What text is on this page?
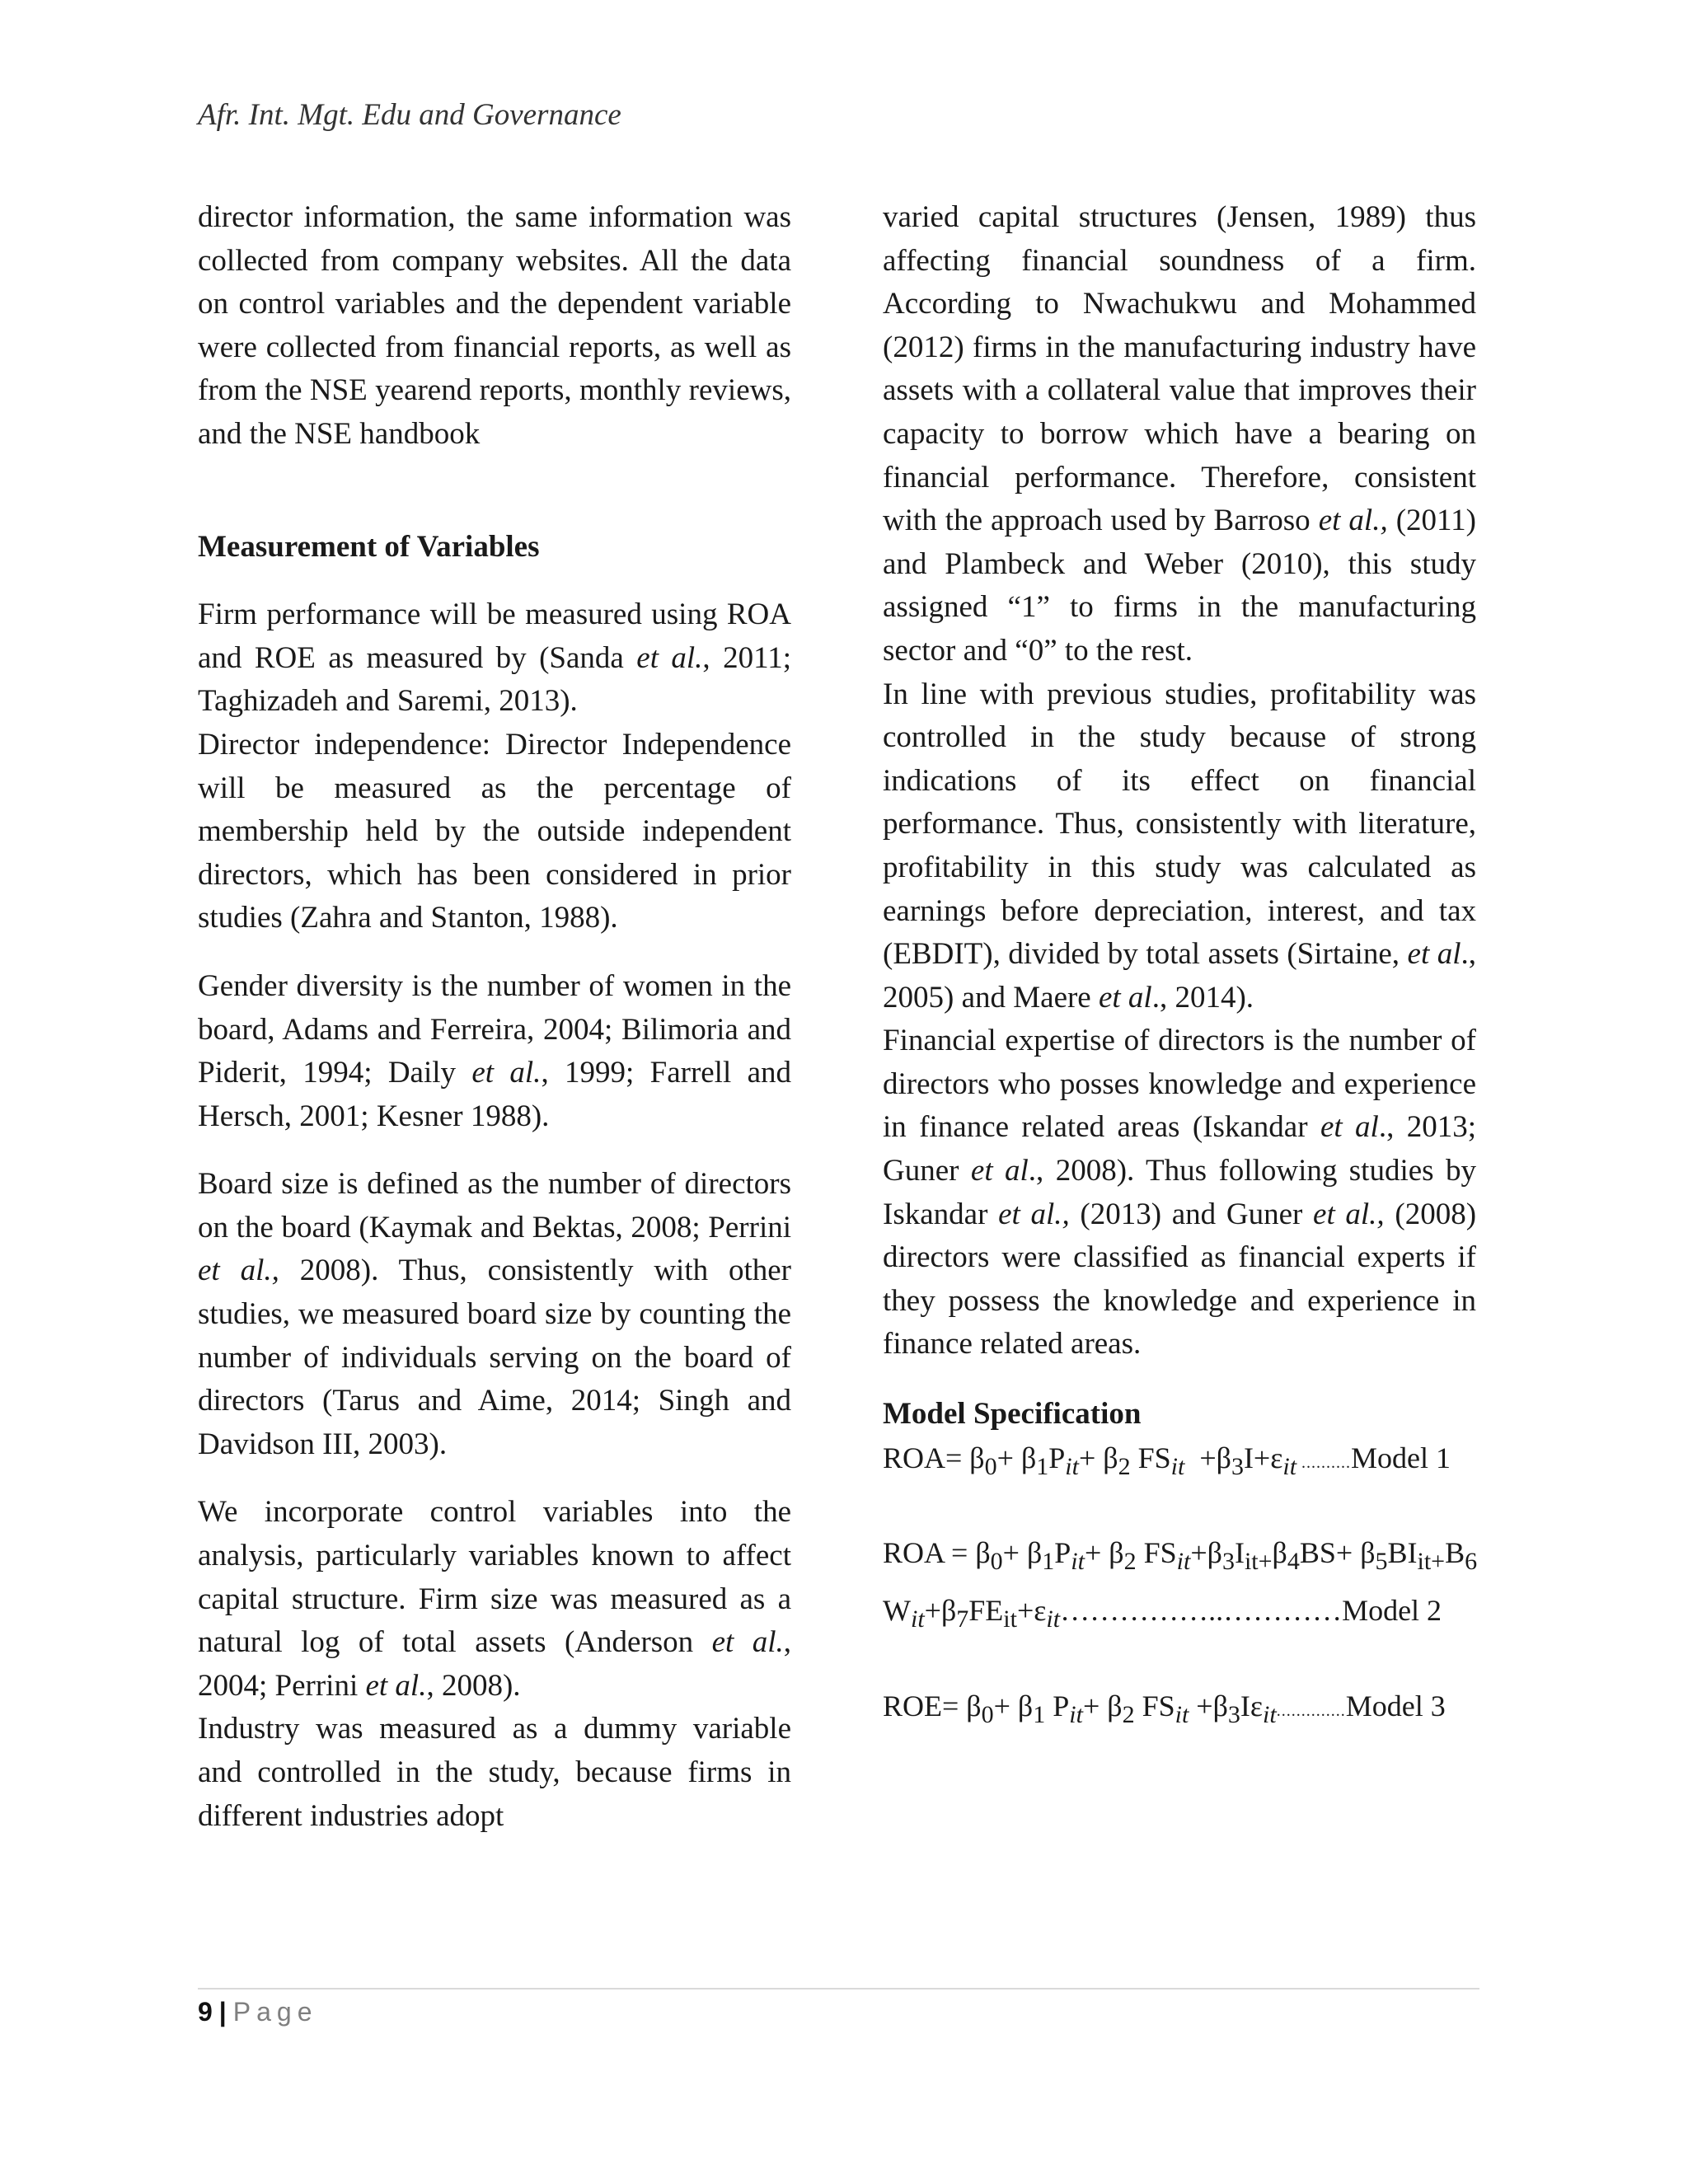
Afr. Int. Mgt. Edu and Governance

director information, the same information was collected from company websites. All the data on control variables and the dependent variable were collected from financial reports, as well as from the NSE yearend reports, monthly reviews, and the NSE handbook

Measurement of Variables

Firm performance will be measured using ROA and ROE as measured by (Sanda et al., 2011; Taghizadeh and Saremi, 2013).

Director independence: Director Independence will be measured as the percentage of membership held by the outside independent directors, which has been considered in prior studies (Zahra and Stanton, 1988).

Gender diversity is the number of women in the board, Adams and Ferreira, 2004; Bilimoria and Piderit, 1994; Daily et al., 1999; Farrell and Hersch, 2001; Kesner 1988).

Board size is defined as the number of directors on the board (Kaymak and Bektas, 2008; Perrini et al., 2008). Thus, consistently with other studies, we measured board size by counting the number of individuals serving on the board of directors (Tarus and Aime, 2014; Singh and Davidson III, 2003).

We incorporate control variables into the analysis, particularly variables known to affect capital structure. Firm size was measured as a natural log of total assets (Anderson et al., 2004; Perrini et al., 2008).

Industry was measured as a dummy variable and controlled in the study, because firms in different industries adopt

varied capital structures (Jensen, 1989) thus affecting financial soundness of a firm. According to Nwachukwu and Mohammed (2012) firms in the manufacturing industry have assets with a collateral value that improves their capacity to borrow which have a bearing on financial performance. Therefore, consistent with the approach used by Barroso et al., (2011) and Plambeck and Weber (2010), this study assigned “1” to firms in the manufacturing sector and “0” to the rest.

In line with previous studies, profitability was controlled in the study because of strong indications of its effect on financial performance. Thus, consistently with literature, profitability in this study was calculated as earnings before depreciation, interest, and tax (EBDIT), divided by total assets (Sirtaine, et al., 2005) and Maere et al., 2014).

Financial expertise of directors is the number of directors who posses knowledge and experience in finance related areas (Iskandar et al., 2013; Guner et al., 2008). Thus following studies by Iskandar et al., (2013) and Guner et al., (2008) directors were classified as financial experts if they possess the knowledge and experience in finance related areas.

Model Specification

$ROA= \beta_0+ \beta_1P_{it}+ \beta_2$ $FS_{it} +\beta_3I+\varepsilon_{it}$ ..........Model 1

ROA = $\beta_0+ \beta_1P_{it}+ \beta_2$ $FS_{it}+\beta_3I_{it+}\beta_4BS+ \beta_5BI_{it+}B_6$

$W_{it}+\beta_7FE_{it}+\varepsilon_{it}\dots\dots\dots\dots\dots..\dots\dots\dots\dots Model$ 2

$ROE= \beta_0+ \beta_1$ $P_{it}+ \beta_2$ $FS_{it}$ $+\beta_3I\varepsilon_{it}..............Model$ 3

9 | Page
